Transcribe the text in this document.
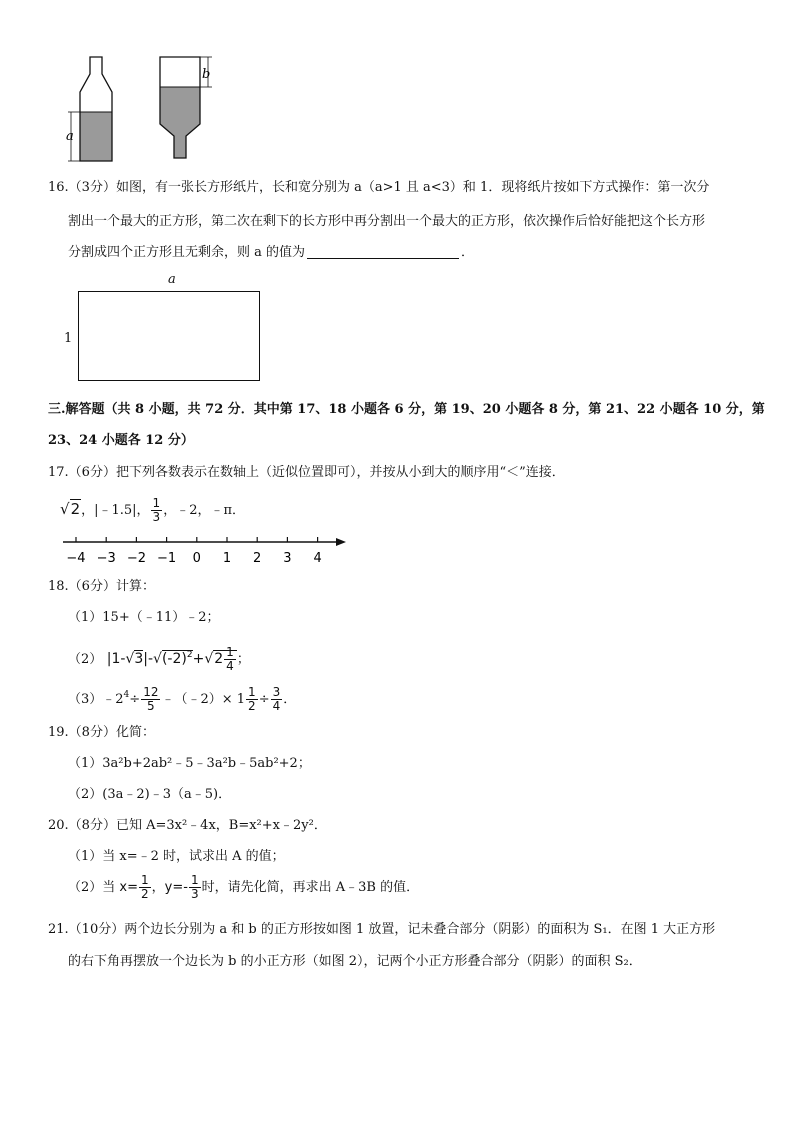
a
b
16.（3分）如图，有一张长方形纸片，长和宽分别为 a（a>1 且 a<3）和 1．现将纸片按如下方式操作：第一次分
割出一个最大的正方形，第二次在剩下的长方形中再分割出一个最大的正方形，依次操作后恰好能把这个长方形
分割成四个正方形且无剩余，则 a 的值为	．
a
1
三.解答题（共 8 小题，共 72 分．其中第 17、18 小题各 6 分，第 19、20 小题各 8 分，第 21、22 小题各 10 分，第
23、24 小题各 12 分）
17.（6分）把下列各数表示在数轴上（近似位置即可），并按从小到大的顺序用“＜”连接．
√2，|﹣1.5|， $\frac{1}{3}$ ，﹣2，﹣π．
−4 −3 −2 −1 0 1 2 3 4
18.（6分）计算：
（1）15+（﹣11）﹣2；
（2） $|1-√3|-√(-2)^2+√2 \frac{1}{4}$ ；
$(3)﹣2^4\div \frac{12}{5}$ ﹣（﹣2）× $1 \frac{1}{2} \div \frac{3}{4}$ ．
19.（8分）化简：
（1）3a²b+2ab²﹣5﹣3a²b﹣5ab²+2；
（2）(3a﹣2)﹣3（a﹣5)．
20.（8分）已知 A=3x²﹣4x，B=x²+x﹣2y²．
（1）当 x=﹣2 时，试求出 A 的值；
（2）当 $x= \frac{1}{2}$ ，$y=- \frac{1}{3}$ 时，请先化简，再求出 A﹣3B 的值．
21.（10分）两个边长分别为 a 和 b 的正方形按如图 1 放置，记未叠合部分（阴影）的面积为 S₁．在图 1 大正方形
的右下角再摆放一个边长为 b 的小正方形（如图 2），记两个小正方形叠合部分（阴影）的面积 S₂．
